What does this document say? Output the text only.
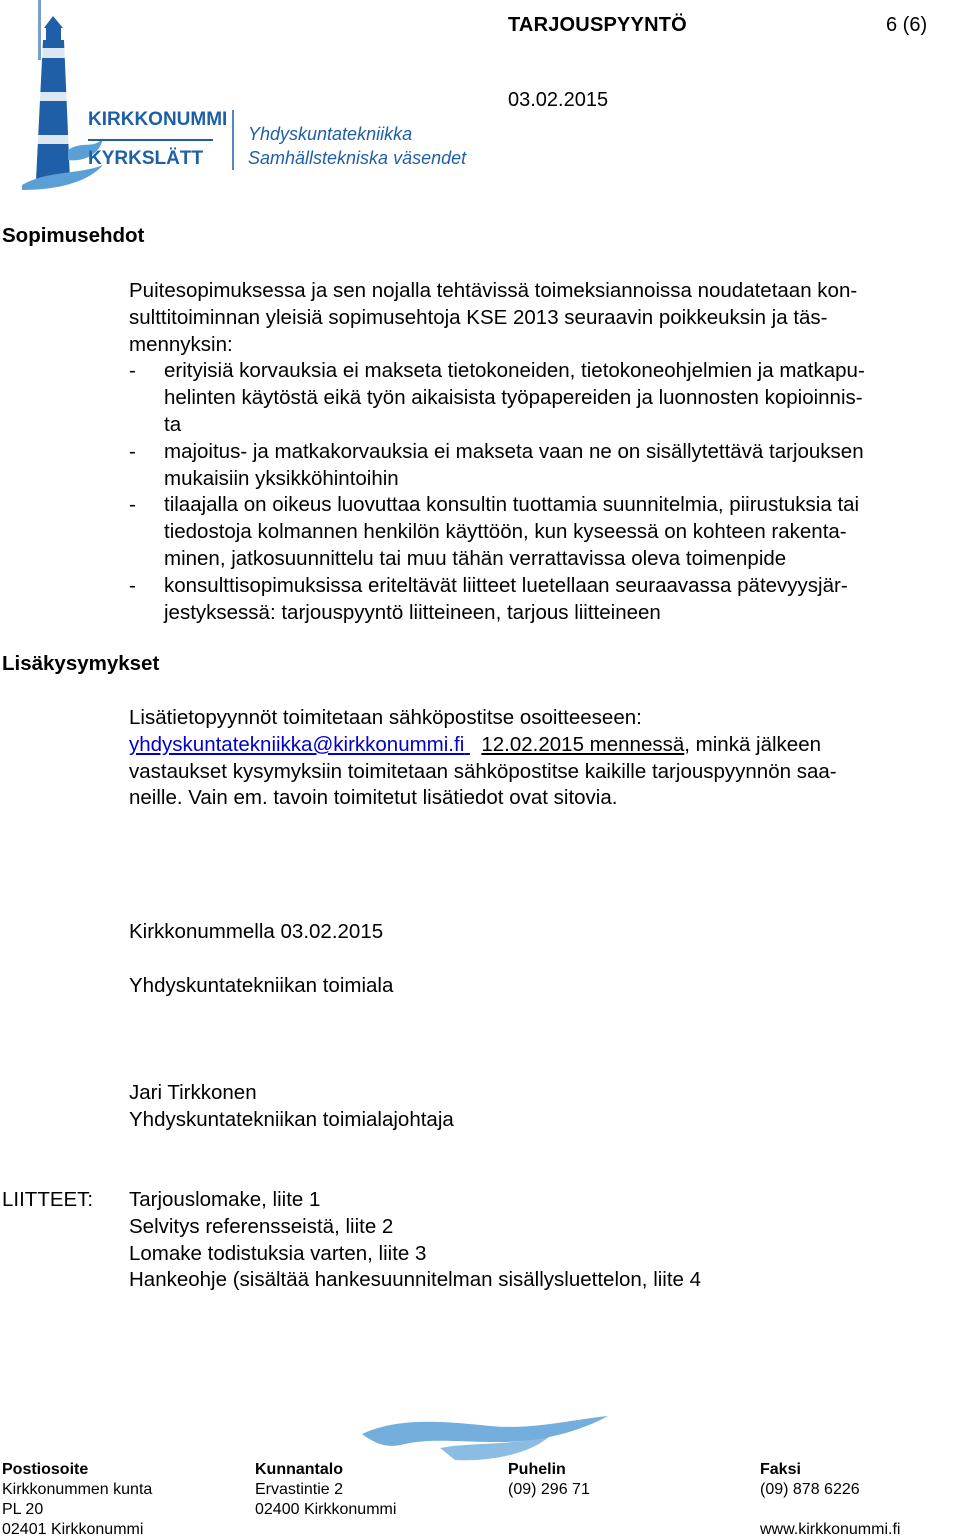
KIRKKONUMMI
KYRKSLÄTT
Yhdyskuntatekniikka
Samhällstekniska väsendet
TARJOUSPYYNTÖ	6 (6)
03.02.2015
Sopimusehdot

Puitesopimuksessa ja sen nojalla tehtävissä toimeksiannoissa noudatetaan kon-
sulttitoiminnan yleisiä sopimusehtoja KSE 2013 seuraavin poikkeuksin ja täs-
mennyksin:

- erityisiä korvauksia ei makseta tietokoneiden, tietokoneohjelmien ja matkapu-
helinten käytöstä eikä työn aikaisista työpapereiden ja luonnosten kopioinnis-
ta
- majoitus- ja matkakorvauksia ei makseta vaan ne on sisällytettävä tarjouksen
mukaisiin yksikköhintoihin
- tilaajalla on oikeus luovuttaa konsultin tuottamia suunnitelmia, piirustuksia tai
tiedostoja kolmannen henkilön käyttöön, kun kyseessä on kohteen rakenta-
minen, jatkosuunnittelu tai muu tähän verrattavissa oleva toimenpide
- konsulttisopimuksissa eriteltävät liitteet luetellaan seuraavassa pätevyysjär-
jestyksessä: tarjouspyyntö liitteineen, tarjous liitteineen
Lisäkysymykset

Lisätietopyynnöt toimitetaan sähköpostitse osoitteeseen:

yhdyskuntatekniikka@kirkkonummi.fi 12.02.2015 mennessä, minkä jälkeen

vastaukset kysymyksiin toimitetaan sähköpostitse kaikille tarjouspyynnön saa-
neille. Vain em. tavoin toimitetut lisätiedot ovat sitovia.

Kirkkonummella 03.02.2015
Yhdyskuntatekniikan toimiala
Jari Tirkkonen
Yhdyskuntatekniikan toimialajohtaja
LIITTEET: Tarjouslomake, liite 1
Selvitys referensseistä, liite 2
Lomake todistuksia varten, liite 3
Hankeohje (sisältää hankesuunnitelman sisällysluettelon, liite 4
Postiosoite
Kirkkonummen kunta
PL 20
02401 Kirkkonummi
Kunnantalo
Ervastintie 2
02400 Kirkkonummi
Puhelin
(09) 296 71
Faksi
(09) 878 6226

www.kirkkonummi.fi
